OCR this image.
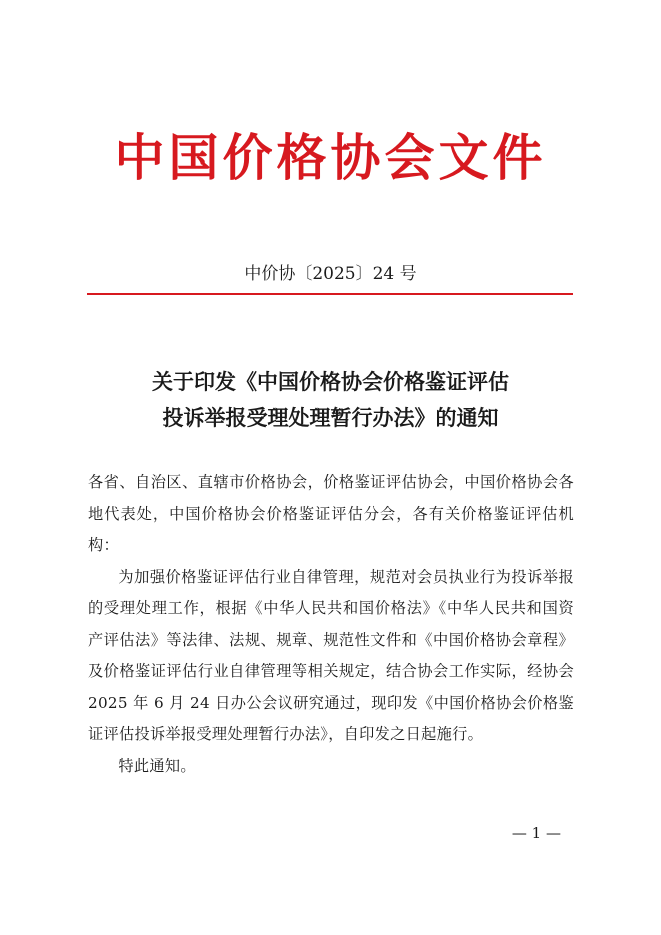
中国价格协会文件
中价协〔2025〕24 号
关于印发《中国价格协会价格鉴证评估
投诉举报受理处理暂行办法》的通知

各省、自治区、直辖市价格协会，价格鉴证评估协会，中国价格协会各地代表处，中国价格协会价格鉴证评估分会，各有关价格鉴证评估机构：

为加强价格鉴证评估行业自律管理，规范对会员执业行为投诉举报的受理处理工作，根据《中华人民共和国价格法》《中华人民共和国资产评估法》等法律、法规、规章、规范性文件和《中国价格协会章程》及价格鉴证评估行业自律管理等相关规定，结合协会工作实际，经协会 2025 年 6 月 24 日办公会议研究通过，现印发《中国价格协会价格鉴证评估投诉举报受理处理暂行办法》，自印发之日起施行。

特此通知。

— 1 —
